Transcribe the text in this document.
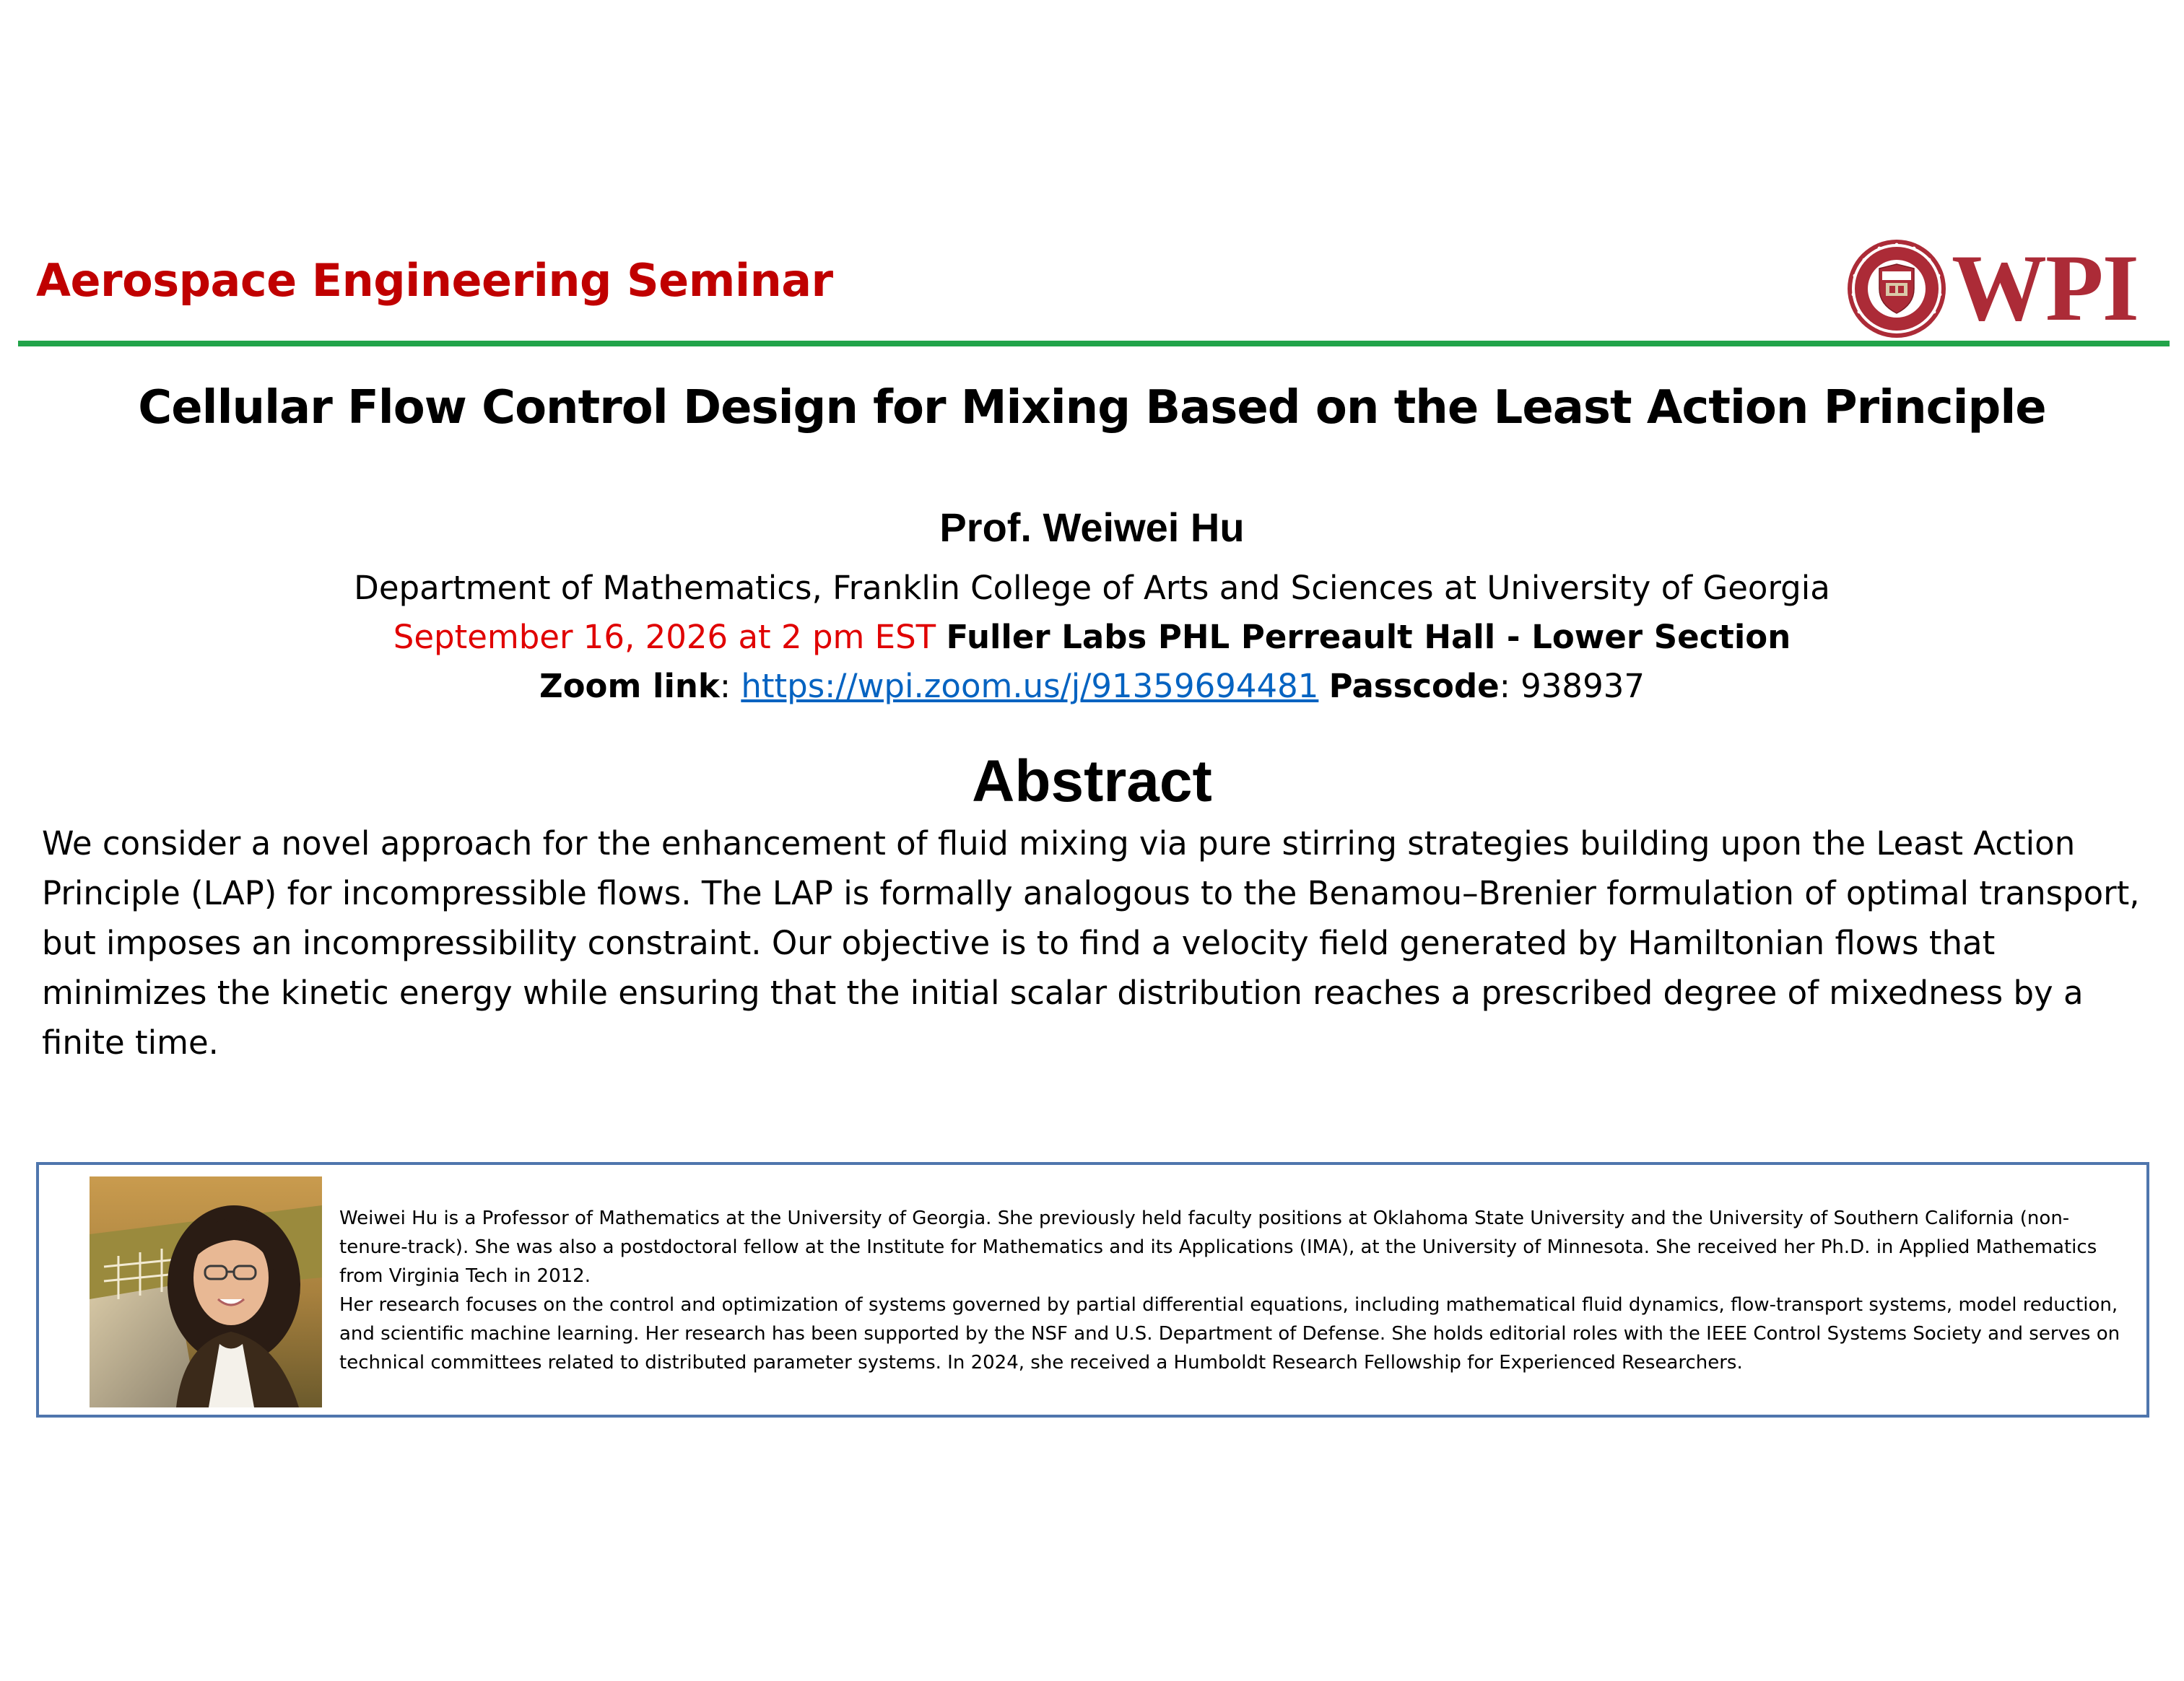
Aerospace Engineering Seminar	WPI
Cellular Flow Control Design for Mixing Based on the Least Action Principle
Prof. Weiwei Hu
Department of Mathematics, Franklin College of Arts and Sciences at University of Georgia
September 16, 2026 at 2 pm EST Fuller Labs PHL Perreault Hall - Lower Section
Zoom link: https://wpi.zoom.us/j/91359694481 Passcode: 938937
Abstract
We consider a novel approach for the enhancement of fluid mixing via pure stirring strategies building upon the Least Action Principle (LAP) for incompressible flows. The LAP is formally analogous to the Benamou–Brenier formulation of optimal transport, but imposes an incompressibility constraint. Our objective is to find a velocity field generated by Hamiltonian flows that minimizes the kinetic energy while ensuring that the initial scalar distribution reaches a prescribed degree of mixedness by a finite time.

Weiwei Hu is a Professor of Mathematics at the University of Georgia. She previously held faculty positions at Oklahoma State University and the University of Southern California (non-tenure-track). She was also a postdoctoral fellow at the Institute for Mathematics and its Applications (IMA), at the University of Minnesota. She received her Ph.D. in Applied Mathematics from Virginia Tech in 2012.

Her research focuses on the control and optimization of systems governed by partial differential equations, including mathematical fluid dynamics, flow-transport systems, model reduction, and scientific machine learning. Her research has been supported by the NSF and U.S. Department of Defense. She holds editorial roles with the IEEE Control Systems Society and serves on technical committees related to distributed parameter systems. In 2024, she received a Humboldt Research Fellowship for Experienced Researchers.
